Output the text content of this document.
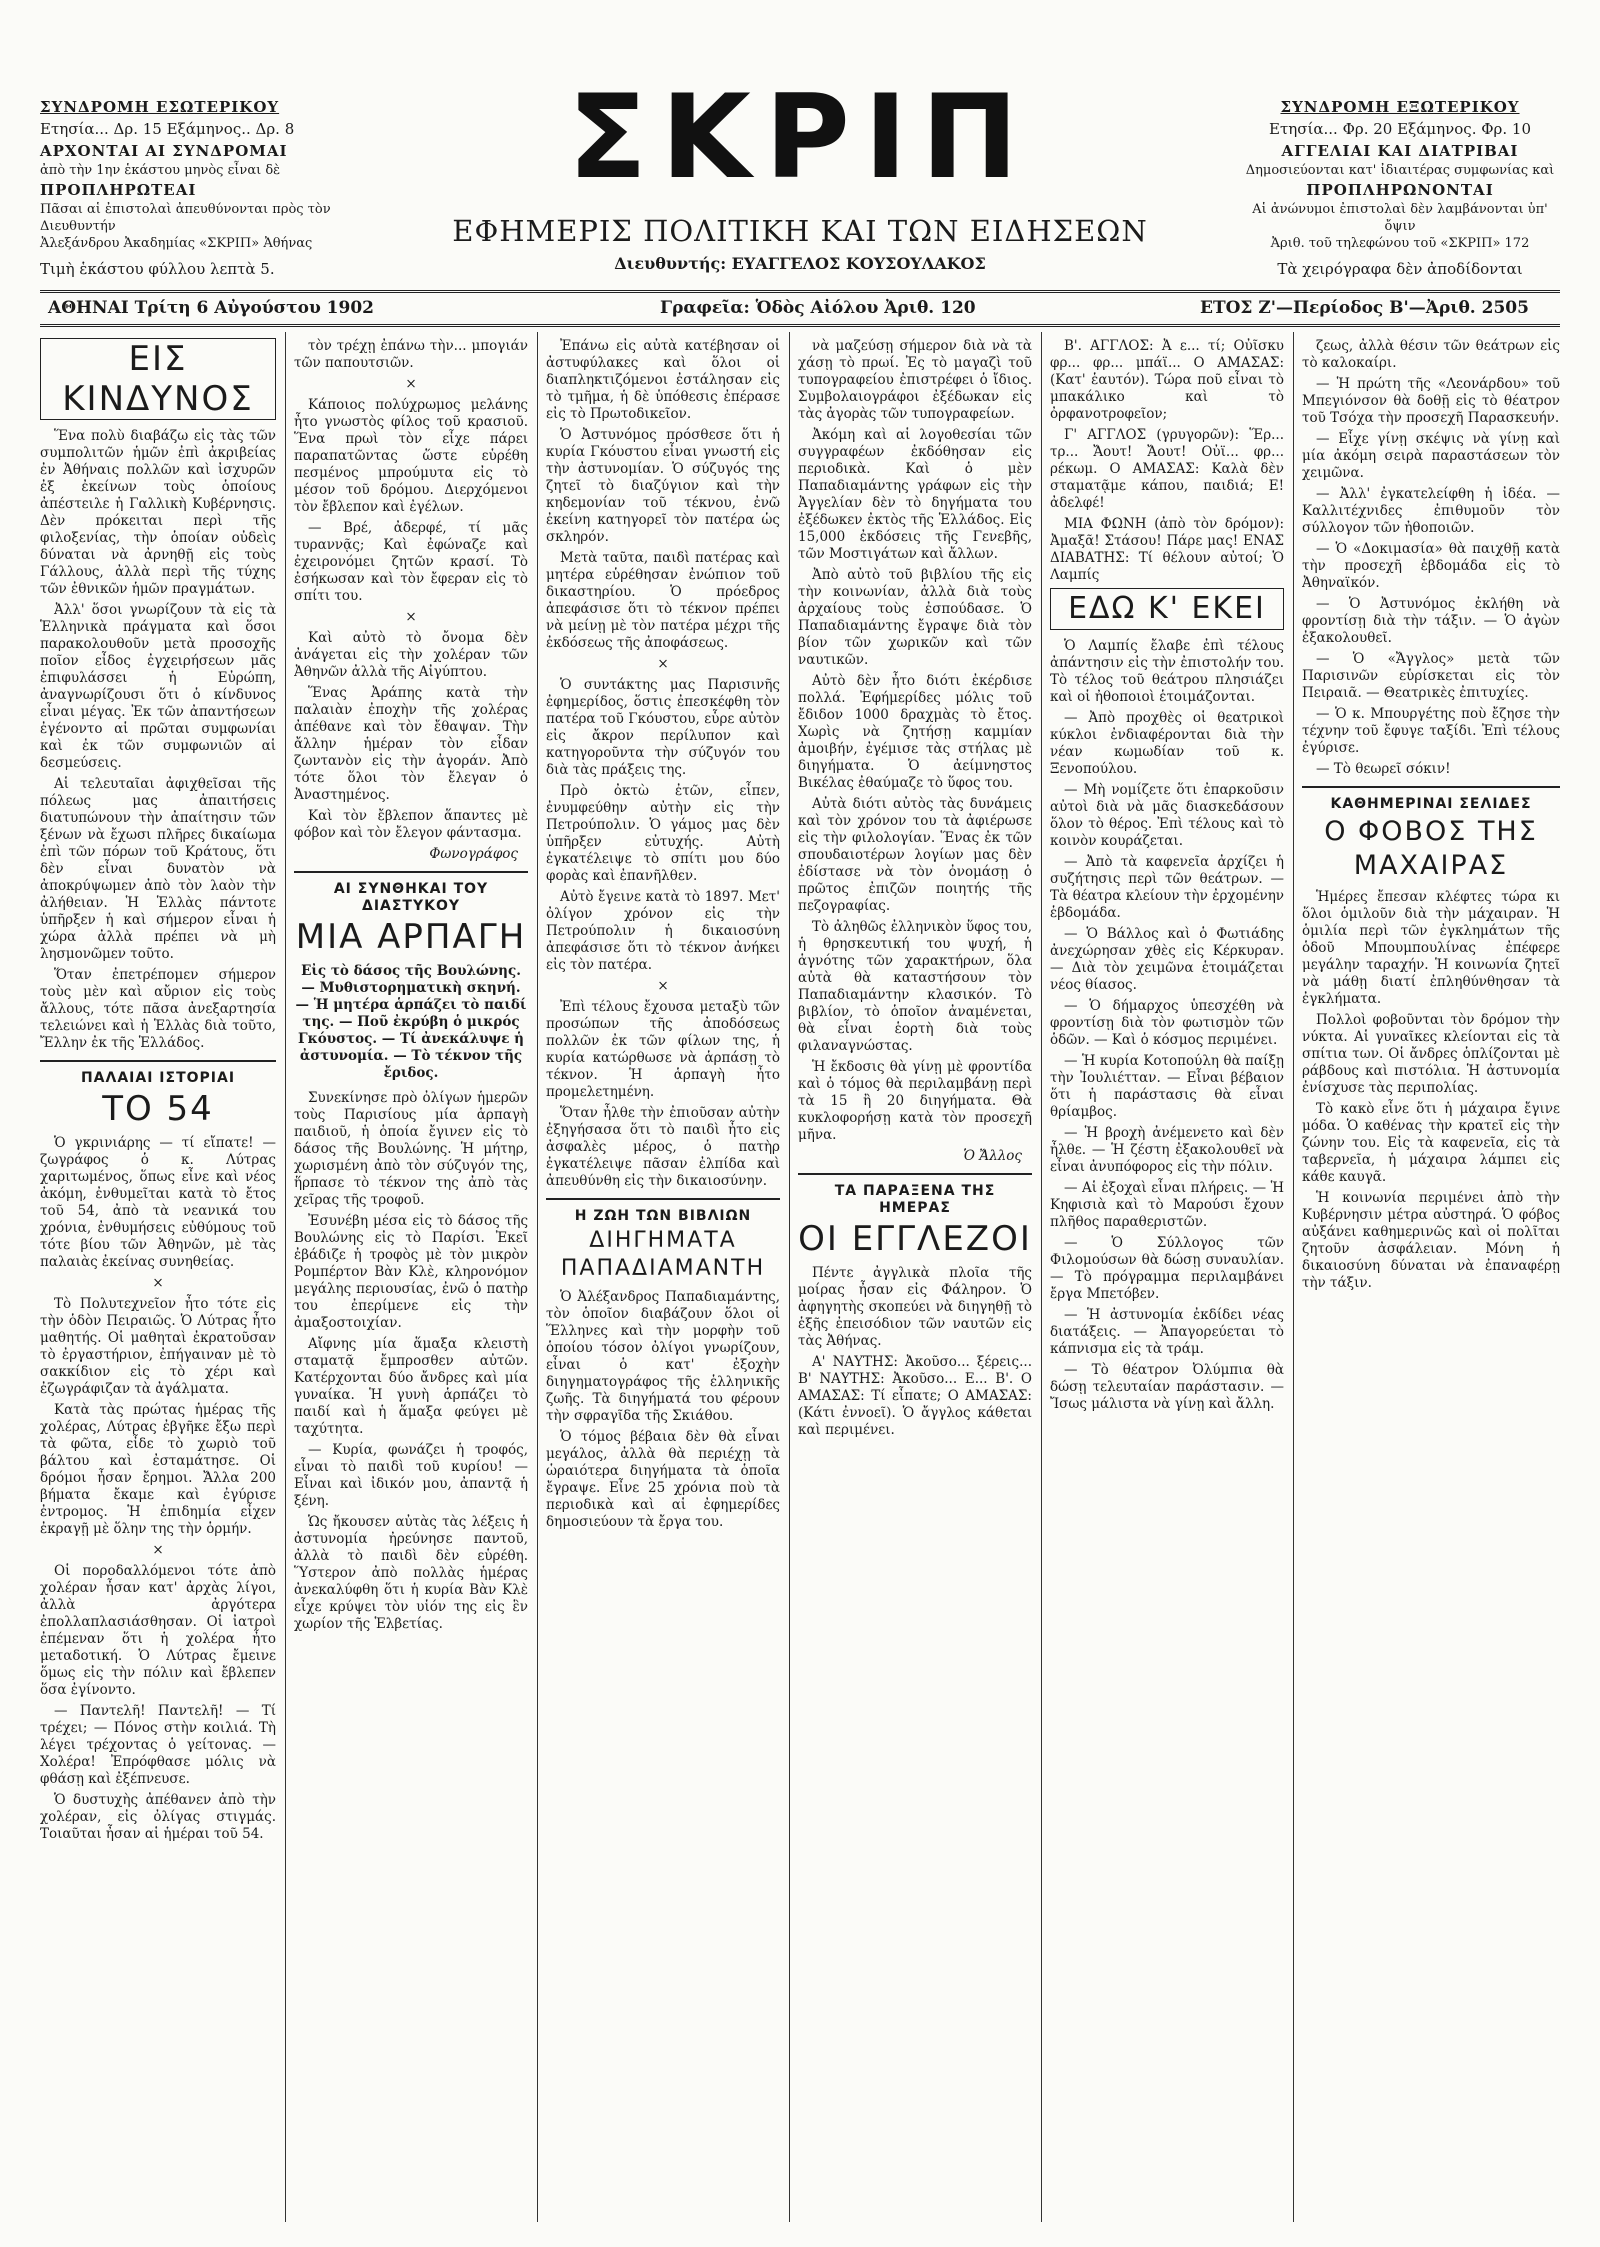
ΣΥΝΔΡΟΜΗ ΕΣΩΤΕΡΙΚΟΥ
Ετησία... Δρ. 15 Εξάμηνος.. Δρ. 8
ΑΡΧΟΝΤΑΙ ΑΙ ΣΥΝΔΡΟΜΑΙ
ἀπὸ τὴν 1ην ἑκάστου μηνὸς εἶναι δὲ
ΠΡΟΠΛΗΡΩΤΕΑΙ
Πᾶσαι αἱ ἐπιστολαὶ ἀπευθύνονται πρὸς τὸν Διευθυντήν
Ἀλεξάνδρου Ἀκαδημίας «ΣΚΡΙΠ» Ἀθήνας
Τιμὴ ἑκάστου φύλλου λεπτὰ 5.
ΣΚΡΙΠ
ΕΦΗΜΕΡΙΣ ΠΟΛΙΤΙΚΗ ΚΑΙ ΤΩΝ ΕΙΔΗΣΕΩΝ
Διευθυντής: ΕΥΑΓΓΕΛΟΣ ΚΟΥΣΟΥΛΑΚΟΣ
ΣΥΝΔΡΟΜΗ ΕΞΩΤΕΡΙΚΟΥ
Ετησία... Φρ. 20 Εξάμηνος. Φρ. 10
ΑΓΓΕΛΙΑΙ ΚΑΙ ΔΙΑΤΡΙΒΑΙ
Δημοσιεύονται κατ' ἰδιαιτέρας συμφωνίας καὶ
ΠΡΟΠΛΗΡΩΝΟΝΤΑΙ
Αἱ ἀνώνυμοι ἐπιστολαὶ δὲν λαμβάνονται ὑπ' ὄψιν
Ἀριθ. τοῦ τηλεφώνου τοῦ «ΣΚΡΙΠ» 172
Τὰ χειρόγραφα δὲν ἀποδίδονται
ΑΘΗΝΑΙ Τρίτη 6 Αὐγούστου 1902	Γραφεῖα: Ὁδὸς Αἰόλου Ἀριθ. 120	ΕΤΟΣ Ζ'—Περίοδος Β'—Ἀριθ. 2505
ΕΙΣ ΚΙΝΔΥΝΟΣ

Ἕνα πολὺ διαβάζω εἰς τὰς τῶν συμπολιτῶν ἡμῶν ἐπὶ ἀκριβείας ἐν Ἀθήναις πολλῶν καὶ ἰσχυρῶν ἐξ ἐκείνων τοὺς ὁποίους ἀπέστειλε ἡ Γαλλικὴ Κυβέρνησις. Δὲν πρόκειται περὶ τῆς φιλοξενίας, τὴν ὁποίαν οὐδεὶς δύναται νὰ ἀρνηθῇ εἰς τοὺς Γάλλους, ἀλλὰ περὶ τῆς τύχης τῶν ἐθνικῶν ἡμῶν πραγμάτων.

Ἀλλ' ὅσοι γνωρίζουν τὰ εἰς τὰ Ἑλληνικὰ πράγματα καὶ ὅσοι παρακολουθοῦν μετὰ προσοχῆς ποῖον εἶδος ἐγχειρήσεων μᾶς ἐπιφυλάσσει ἡ Εὐρώπη, ἀναγνωρίζουσι ὅτι ὁ κίνδυνος εἶναι μέγας. Ἐκ τῶν ἀπαντήσεων ἐγένοντο αἱ πρῶται συμφωνίαι καὶ ἐκ τῶν συμφωνιῶν αἱ δεσμεύσεις.

Αἱ τελευταῖαι ἀφιχθεῖσαι τῆς πόλεως μας ἀπαιτήσεις διατυπώνουν τὴν ἀπαίτησιν τῶν ξένων νὰ ἔχωσι πλῆρες δικαίωμα ἐπὶ τῶν πόρων τοῦ Κράτους, ὅτι δὲν εἶναι δυνατὸν νὰ ἀποκρύψωμεν ἀπὸ τὸν λαὸν τὴν ἀλήθειαν. Ἡ Ἑλλὰς πάντοτε ὑπῆρξεν ἡ καὶ σήμερον εἶναι ἡ χώρα ἀλλὰ πρέπει νὰ μὴ λησμονῶμεν τοῦτο.

Ὅταν ἐπετρέπομεν σήμερον τοὺς μὲν καὶ αὔριον εἰς τοὺς ἄλλους, τότε πᾶσα ἀνεξαρτησία τελειώνει καὶ ἡ Ἑλλὰς διὰ τοῦτο, Ἔλλην ἐκ τῆς Ἑλλάδος.

ΠΑΛΑΙΑΙ ΙΣΤΟΡΙΑΙ
ΤΟ 54

Ὁ γκρινιάρης — τί εἴπατε! — ζωγράφος ὁ κ. Λύτρας χαριτωμένος, ὅπως εἶνε καὶ νέος ἀκόμη, ἐνθυμεῖται κατὰ τὸ ἔτος τοῦ 54, ἀπὸ τὰ νεανικά του χρόνια, ἐνθυμήσεις εὐθύμους τοῦ τότε βίου τῶν Ἀθηνῶν, μὲ τὰς παλαιὰς ἐκείνας συνηθείας.

×

Τὸ Πολυτεχνεῖον ἦτο τότε εἰς τὴν ὁδὸν Πειραιῶς. Ὁ Λύτρας ἦτο μαθητής. Οἱ μαθηταὶ ἐκρατοῦσαν τὸ ἐργαστήριον, ἐπήγαιναν μὲ τὸ σακκίδιον εἰς τὸ χέρι καὶ ἐζωγράφιζαν τὰ ἀγάλματα.

Κατὰ τὰς πρώτας ἡμέρας τῆς χολέρας, Λύτρας ἐβγῆκε ἔξω περὶ τὰ φῶτα, εἶδε τὸ χωριὸ τοῦ βάλτου καὶ ἐσταμάτησε. Οἱ δρόμοι ἦσαν ἔρημοι. Ἄλλα 200 βήματα ἔκαμε καὶ ἐγύρισε ἐντρομος. Ἡ ἐπιδημία εἶχεν ἐκραγῇ μὲ ὅλην της τὴν ὁρμήν.

×

Οἱ ποροδαλλόμενοι τότε ἀπὸ χολέραν ἦσαν κατ' ἀρχὰς λίγοι, ἀλλὰ ἀργότερα ἐπολλαπλασιάσθησαν. Οἱ ἰατροὶ ἐπέμεναν ὅτι ἡ χολέρα ἦτο μεταδοτική. Ὁ Λύτρας ἔμεινε ὅμως εἰς τὴν πόλιν καὶ ἔβλεπεν ὅσα ἐγίνοντο.

— Παντελῆ! Παντελῆ! — Τί τρέχει; — Πόνος στὴν κοιλιά. Τὴ λέγει τρέχοντας ὁ γείτονας. — Χολέρα! Ἐπρόφθασε μόλις νὰ φθάσῃ καὶ ἐξέπνευσε.

Ὁ δυστυχὴς ἀπέθανεν ἀπὸ τὴν χολέραν, εἰς ὀλίγας στιγμάς. Τοιαῦται ἦσαν αἱ ἡμέραι τοῦ 54.

τὸν τρέχῃ ἐπάνω τὴν... μπογιάν τῶν παπουτσιῶν.

×

Κάποιος πολύχρωμος μελάνης ἦτο γνωστὸς φίλος τοῦ κρασιοῦ. Ἕνα πρωὶ τὸν εἶχε πάρει παραπατῶντας ὥστε εὑρέθη πεσμένος μπρούμυτα εἰς τὸ μέσον τοῦ δρόμου. Διερχόμενοι τὸν ἔβλεπον καὶ ἐγέλων.

— Βρέ, ἀδερφέ, τί μᾶς τυραννᾷς; Καὶ ἐφώναζε καὶ ἐχειρονόμει ζητῶν κρασί. Τὸ ἐσήκωσαν καὶ τὸν ἔφεραν εἰς τὸ σπίτι του.

×

Καὶ αὐτὸ τὸ ὄνομα δὲν ἀνάγεται εἰς τὴν χολέραν τῶν Ἀθηνῶν ἀλλὰ τῆς Αἰγύπτου.

Ἕνας Ἀράπης κατὰ τὴν παλαιὰν ἐποχὴν τῆς χολέρας ἀπέθανε καὶ τὸν ἔθαψαν. Τὴν ἄλλην ἡμέραν τὸν εἶδαν ζωντανὸν εἰς τὴν ἀγοράν. Ἀπὸ τότε ὅλοι τὸν ἔλεγαν ὁ Ἀναστημένος.

Καὶ τὸν ἔβλεπον ἅπαντες μὲ φόβον καὶ τὸν ἔλεγον φάντασμα.

Φωνογράφος
ΑΙ ΣΥΝΘΗΚΑΙ ΤΟΥ ΔΙΑΣΤΥΚΟΥ
ΜΙΑ ΑΡΠΑΓΗ
Εἰς τὸ δάσος τῆς Βουλώνης. — Μυθιστορηματικὴ σκηνή. — Ἡ μητέρα ἁρπάζει τὸ παιδί της. — Ποῦ ἐκρύβη ὁ μικρός Γκόυστος. — Τί ἀνεκάλυψε ἡ ἀστυνομία. — Τὸ τέκνον τῆς ἔριδος.

Συνεκίνησε πρὸ ὀλίγων ἡμερῶν τοὺς Παρισίους μία ἁρπαγὴ παιδιοῦ, ἡ ὁποία ἔγινεν εἰς τὸ δάσος τῆς Βουλώνης. Ἡ μήτηρ, χωρισμένη ἀπὸ τὸν σύζυγόν της, ἥρπασε τὸ τέκνον της ἀπὸ τὰς χεῖρας τῆς τροφοῦ.

Ἐσυνέβη μέσα εἰς τὸ δάσος τῆς Βουλώνης εἰς τὸ Παρίσι. Ἐκεῖ ἐβάδιζε ἡ τροφὸς μὲ τὸν μικρὸν Ρομπέρτον Βὰν Κλὲ, κληρονόμον μεγάλης περιουσίας, ἐνῶ ὁ πατὴρ του ἐπερίμενε εἰς τὴν ἀμαξοστοιχίαν.

Αἴφνης μία ἅμαξα κλειστὴ σταματᾷ ἔμπροσθεν αὐτῶν. Κατέρχονται δύο ἄνδρες καὶ μία γυναίκα. Ἡ γυνὴ ἁρπάζει τὸ παιδί καὶ ἡ ἅμαξα φεύγει μὲ ταχύτητα.

— Κυρία, φωνάζει ἡ τροφός, εἶναι τὸ παιδὶ τοῦ κυρίου! — Εἶναι καὶ ἰδικόν μου, ἀπαντᾷ ἡ ξένη.

Ὡς ἤκουσεν αὐτὰς τὰς λέξεις ἡ ἀστυνομία ἠρεύνησε παντοῦ, ἀλλὰ τὸ παιδὶ δὲν εὑρέθη. Ὕστερον ἀπὸ πολλὰς ἡμέρας ἀνεκαλύφθη ὅτι ἡ κυρία Βὰν Κλὲ εἶχε κρύψει τὸν υἱόν της εἰς ἓν χωρίον τῆς Ἑλβετίας.

Ἐπάνω εἰς αὐτὰ κατέβησαν οἱ ἀστυφύλακες καὶ ὅλοι οἱ διαπληκτιζόμενοι ἐστάλησαν εἰς τὸ τμῆμα, ἡ δὲ ὑπόθεσις ἐπέρασε εἰς τὸ Πρωτοδικεῖον.

Ὁ Ἀστυνόμος πρόσθεσε ὅτι ἡ κυρία Γκόυστου εἶναι γνωστή εἰς τὴν ἀστυνομίαν. Ὁ σύζυγός της ζητεῖ τὸ διαζύγιον καὶ τὴν κηδεμονίαν τοῦ τέκνου, ἐνῶ ἐκείνη κατηγορεῖ τὸν πατέρα ὡς σκληρόν.

Μετὰ ταῦτα, παιδὶ πατέρας καὶ μητέρα εὑρέθησαν ἐνώπιον τοῦ δικαστηρίου. Ὁ πρόεδρος ἀπεφάσισε ὅτι τὸ τέκνον πρέπει νὰ μείνῃ μὲ τὸν πατέρα μέχρι τῆς ἐκδόσεως τῆς ἀποφάσεως.

×

Ὁ συντάκτης μας Παρισινῆς ἐφημερίδος, ὅστις ἐπεσκέφθη τὸν πατέρα τοῦ Γκόυστου, εὗρε αὐτὸν εἰς ἄκρον περίλυπον καὶ κατηγοροῦντα τὴν σύζυγόν του διὰ τὰς πράξεις της.

Πρὸ ὀκτὼ ἐτῶν, εἶπεν, ἐνυμφεύθην αὐτὴν εἰς τὴν Πετρούπολιν. Ὁ γάμος μας δὲν ὑπῆρξεν εὐτυχής. Αὐτὴ ἐγκατέλειψε τὸ σπίτι μου δύο φορὰς καὶ ἐπανῆλθεν.

Αὐτὸ ἔγεινε κατὰ τὸ 1897. Μετ' ὀλίγον χρόνον εἰς τὴν Πετρούπολιν ἡ δικαιοσύνη ἀπεφάσισε ὅτι τὸ τέκνον ἀνήκει εἰς τὸν πατέρα.

×

Ἐπὶ τέλους ἔχουσα μεταξὺ τῶν προσώπων τῆς ἀποδόσεως πολλῶν ἐκ τῶν φίλων της, ἡ κυρία κατώρθωσε νὰ ἁρπάσῃ τὸ τέκνον. Ἡ ἁρπαγὴ ἦτο προμελετημένη.

Ὅταν ἦλθε τὴν ἐπιοῦσαν αὐτὴν ἐξηγήσασα ὅτι τὸ παιδὶ ἦτο εἰς ἀσφαλὲς μέρος, ὁ πατὴρ ἐγκατέλειψε πᾶσαν ἐλπίδα καὶ ἀπευθύνθη εἰς τὴν δικαιοσύνην.

Η ΖΩΗ ΤΩΝ ΒΙΒΛΙΩΝ
ΔΙΗΓΗΜΑΤΑ ΠΑΠΑΔΙΑΜΑΝΤΗ

Ὁ Ἀλέξανδρος Παπαδιαμάντης, τὸν ὁποῖον διαβάζουν ὅλοι οἱ Ἕλληνες καὶ τὴν μορφὴν τοῦ ὁποίου τόσον ὀλίγοι γνωρίζουν, εἶναι ὁ κατ' ἐξοχὴν διηγηματογράφος τῆς ἑλληνικῆς ζωῆς. Τὰ διηγήματά του φέρουν τὴν σφραγῖδα τῆς Σκιάθου.

Ὁ τόμος βέβαια δὲν θὰ εἶναι μεγάλος, ἀλλὰ θὰ περιέχῃ τὰ ὡραιότερα διηγήματα τὰ ὁποῖα ἔγραψε. Εἶνε 25 χρόνια ποὺ τὰ περιοδικὰ καὶ αἱ ἐφημερίδες δημοσιεύουν τὰ ἔργα του.

νὰ μαζεύσῃ σήμερον διὰ νὰ τὰ χάσῃ τὸ πρωί. Ἐς τὸ μαγαζὶ τοῦ τυπογραφείου ἐπιστρέφει ὁ ἴδιος. Συμβολαιογράφοι ἐξέδωκαν εἰς τὰς ἀγορὰς τῶν τυπογραφείων.

Ἀκόμη καὶ αἱ λογοθεσίαι τῶν συγγραφέων ἐκδόθησαν εἰς περιοδικὰ. Καὶ ὁ μὲν Παπαδιαμάντης γράφων εἰς τὴν Ἀγγελίαν δὲν τὸ δηγήματα του ἐξέδωκεν ἐκτὸς τῆς Ἑλλάδος. Εἰς 15,000 ἐκδόσεις τῆς Γενεβῆς, τῶν Μοστιγάτων καὶ ἄλλων.

Ἀπὸ αὐτὸ τοῦ βιβλίου τῆς εἰς τὴν κοινωνίαν, ἀλλὰ διὰ τοὺς ἀρχαίους τοὺς ἐσπούδασε. Ὁ Παπαδιαμάντης ἔγραψε διὰ τὸν βίον τῶν χωρικῶν καὶ τῶν ναυτικῶν.

Αὐτὸ δὲν ἦτο διότι ἐκέρδισε πολλά. Ἐφήμερίδες μόλις τοῦ ἔδιδον 1000 δραχμὰς τὸ ἔτος. Χωρὶς νὰ ζητήσῃ καμμίαν ἀμοιβήν, ἐγέμισε τὰς στήλας μὲ διηγήματα. Ὁ ἀείμνηστος Βικέλας ἐθαύμαζε τὸ ὕφος του.

Αὐτὰ διότι αὐτὸς τὰς δυνάμεις καὶ τὸν χρόνον του τὰ ἀφιέρωσε εἰς τὴν φιλολογίαν. Ἕνας ἐκ τῶν σπουδαιοτέρων λογίων μας δὲν ἐδίστασε νὰ τὸν ὀνομάσῃ ὁ πρῶτος ἐπιζῶν ποιητής τῆς πεζογραφίας.

Τὸ ἀληθῶς ἐλληνικὸν ὕφος του, ἡ θρησκευτική του ψυχή, ἡ ἁγνότης τῶν χαρακτήρων, ὅλα αὐτὰ θὰ καταστήσουν τὸν Παπαδιαμάντην κλασικόν. Τὸ βιβλίον, τὸ ὁποῖον ἀναμένεται, θὰ εἶναι ἑορτὴ διὰ τοὺς φιλαναγνώστας.

Ἡ ἔκδοσις θὰ γίνῃ μὲ φροντίδα καὶ ὁ τόμος θὰ περιλαμβάνῃ περὶ τὰ 15 ἢ 20 διηγήματα. Θὰ κυκλοφορήσῃ κατὰ τὸν προσεχῆ μῆνα.

Ὁ Ἄλλος
ΤΑ ΠΑΡΑΞΕΝΑ ΤΗΣ ΗΜΕΡΑΣ
ΟΙ ΕΓΓΛΕΖΟΙ

Πέντε ἀγγλικὰ πλοῖα τῆς μοίρας ἦσαν εἰς Φάληρον. Ὁ ἀφηγητὴς σκοπεύει νὰ διηγηθῇ τὸ ἑξῆς ἐπεισόδιον τῶν ναυτῶν εἰς τὰς Ἀθήνας.

Α' ΝΑΥΤΗΣ: Ἀκοῦσο... ξέρεις... Β' ΝΑΥΤΗΣ: Ἀκοῦσο... Ε... Β'. Ο ΑΜΑΣΑΣ: Τί εἶπατε; Ο ΑΜΑΣΑΣ: (Κάτι ἐννοεῖ). Ὁ ἄγγλος κάθεται καὶ περιμένει.

Β'. ΑΓΓΛΟΣ: Ἀ ε... τί; Οὐῖσκυ φρ... φρ... μπάϊ... Ο ΑΜΑΣΑΣ: (Κατ' ἑαυτόν). Τώρα ποῦ εἶναι τὸ μπακάλικο καὶ τὸ ὀρφανοτροφεῖον;

Γ' ΑΓΓΛΟΣ (γρυγορῶν): Ἕρ... τρ... Ἄουτ! Ἄουτ! Οὐϊ... φρ... ρέκωμ. Ο ΑΜΑΣΑΣ: Καλὰ δὲν σταματᾷμε κάπου, παιδιά; Ε! ἀδελφέ!

ΜΙΑ ΦΩΝΗ (ἀπὸ τὸν δρόμον): Ἀμαξᾶ! Στάσου! Πάρε μας! ΕΝΑΣ ΔΙΑΒΑΤΗΣ: Τί θέλουν αὐτοί; Ὁ Λαμπίς

ΕΔΩ Κ' ΕΚΕΙ

Ὁ Λαμπίς ἔλαβε ἐπὶ τέλους ἀπάντησιν εἰς τὴν ἐπιστολήν του. Τὸ τέλος τοῦ θεάτρου πλησιάζει καὶ οἱ ἠθοποιοὶ ἑτοιμάζονται.

— Ἀπὸ προχθὲς οἱ θεατρικοὶ κύκλοι ἐνδιαφέρονται διὰ τὴν νέαν κωμωδίαν τοῦ κ. Ξενοπούλου.

— Μὴ νομίζετε ὅτι ἐπαρκοῦσιν αὐτοὶ διὰ νὰ μᾶς διασκεδάσουν ὅλον τὸ θέρος. Ἐπὶ τέλους καὶ τὸ κοινὸν κουράζεται.

— Ἀπὸ τὰ καφενεῖα ἀρχίζει ἡ συζήτησις περὶ τῶν θεάτρων. — Τὰ θέατρα κλείουν τὴν ἐρχομένην ἑβδομάδα.

— Ὁ Βάλλος καὶ ὁ Φωτιάδης ἀνεχώρησαν χθὲς εἰς Κέρκυραν. — Διὰ τὸν χειμῶνα ἑτοιμάζεται νέος θίασος.

— Ὁ δήμαρχος ὑπεσχέθη νὰ φροντίσῃ διὰ τὸν φωτισμὸν τῶν ὁδῶν. — Καὶ ὁ κόσμος περιμένει.

— Ἡ κυρία Κοτοπούλη θὰ παίξῃ τὴν Ἰουλιέτταν. — Εἶναι βέβαιον ὅτι ἡ παράστασις θὰ εἶναι θρίαμβος.

— Ἡ βροχὴ ἀνέμενετο καὶ δὲν ἦλθε. — Ἡ ζέστη ἐξακολουθεῖ νὰ εἶναι ἀνυπόφορος εἰς τὴν πόλιν.

— Αἱ ἐξοχαὶ εἶναι πλήρεις. — Ἡ Κηφισιὰ καὶ τὸ Μαρούσι ἔχουν πλῆθος παραθεριστῶν.

— Ὁ Σύλλογος τῶν Φιλομούσων θὰ δώσῃ συναυλίαν. — Τὸ πρόγραμμα περιλαμβάνει ἔργα Μπετόβεν.

— Ἡ ἀστυνομία ἐκδίδει νέας διατάξεις. — Ἀπαγορεύεται τὸ κάπνισμα εἰς τὰ τράμ.

— Τὸ θέατρον Ὀλύμπια θὰ δώσῃ τελευταίαν παράστασιν. — Ἴσως μάλιστα νὰ γίνῃ καὶ ἄλλη.

ζεως, ἀλλὰ θέσιν τῶν θεάτρων εἰς τὸ καλοκαίρι.

— Ἡ πρώτη τῆς «Λεονάρδου» τοῦ Μπεγιόνσον θὰ δοθῇ εἰς τὸ θέατρον τοῦ Τσόχα τὴν προσεχῆ Παρασκευήν.

— Εἶχε γίνῃ σκέψις νὰ γίνῃ καὶ μία ἀκόμη σειρὰ παραστάσεων τὸν χειμῶνα.

— Ἀλλ' ἐγκατελείφθη ἡ ἰδέα. — Καλλιτέχνιδες ἐπιθυμοῦν τὸν σύλλογον τῶν ἠθοποιῶν.

— Ὁ «Δοκιμασία» θὰ παιχθῇ κατὰ τὴν προσεχῆ ἑβδομάδα εἰς τὸ Ἀθηναϊκόν.

— Ὁ Ἀστυνόμος ἐκλήθη νὰ φροντίσῃ διὰ τὴν τάξιν. — Ὁ ἀγὼν ἐξακολουθεῖ.

— Ὁ «Ἄγγλος» μετὰ τῶν Παρισινῶν εὑρίσκεται εἰς τὸν Πειραιᾶ. — Θεατρικὲς ἐπιτυχίες.

— Ὁ κ. Μπουργέτης ποὺ ἔζησε τὴν τέχνην τοῦ ἔφυγε ταξίδι. Ἐπὶ τέλους ἐγύρισε.

— Τὸ θεωρεῖ σόκιν!

ΚΑΘΗΜΕΡΙΝΑΙ ΣΕΛΙΔΕΣ
Ο ΦΟΒΟΣ ΤΗΣ ΜΑΧΑΙΡΑΣ

Ἡμέρες ἔπεσαν κλέφτες τώρα κι ὅλοι ὁμιλοῦν διὰ τὴν μάχαιραν. Ἡ ὁμιλία περὶ τῶν ἐγκλημάτων τῆς ὁδοῦ Μπουμπουλίνας ἐπέφερε μεγάλην ταραχήν. Ἡ κοινωνία ζητεῖ νὰ μάθῃ διατί ἐπληθύνθησαν τὰ ἐγκλήματα.

Πολλοὶ φοβοῦνται τὸν δρόμον τὴν νύκτα. Αἱ γυναῖκες κλείονται εἰς τὰ σπίτια των. Οἱ ἄνδρες ὁπλίζονται μὲ ράβδους καὶ πιστόλια. Ἡ ἀστυνομία ἐνίσχυσε τὰς περιπολίας.

Τὸ κακὸ εἶνε ὅτι ἡ μάχαιρα ἔγινε μόδα. Ὁ καθένας τὴν κρατεῖ εἰς τὴν ζώνην του. Εἰς τὰ καφενεῖα, εἰς τὰ ταβερνεῖα, ἡ μάχαιρα λάμπει εἰς κάθε καυγᾶ.

Ἡ κοινωνία περιμένει ἀπὸ τὴν Κυβέρνησιν μέτρα αὐστηρά. Ὁ φόβος αὐξάνει καθημερινῶς καὶ οἱ πολῖται ζητοῦν ἀσφάλειαν. Μόνη ἡ δικαιοσύνη δύναται νὰ ἐπαναφέρῃ τὴν τάξιν.
